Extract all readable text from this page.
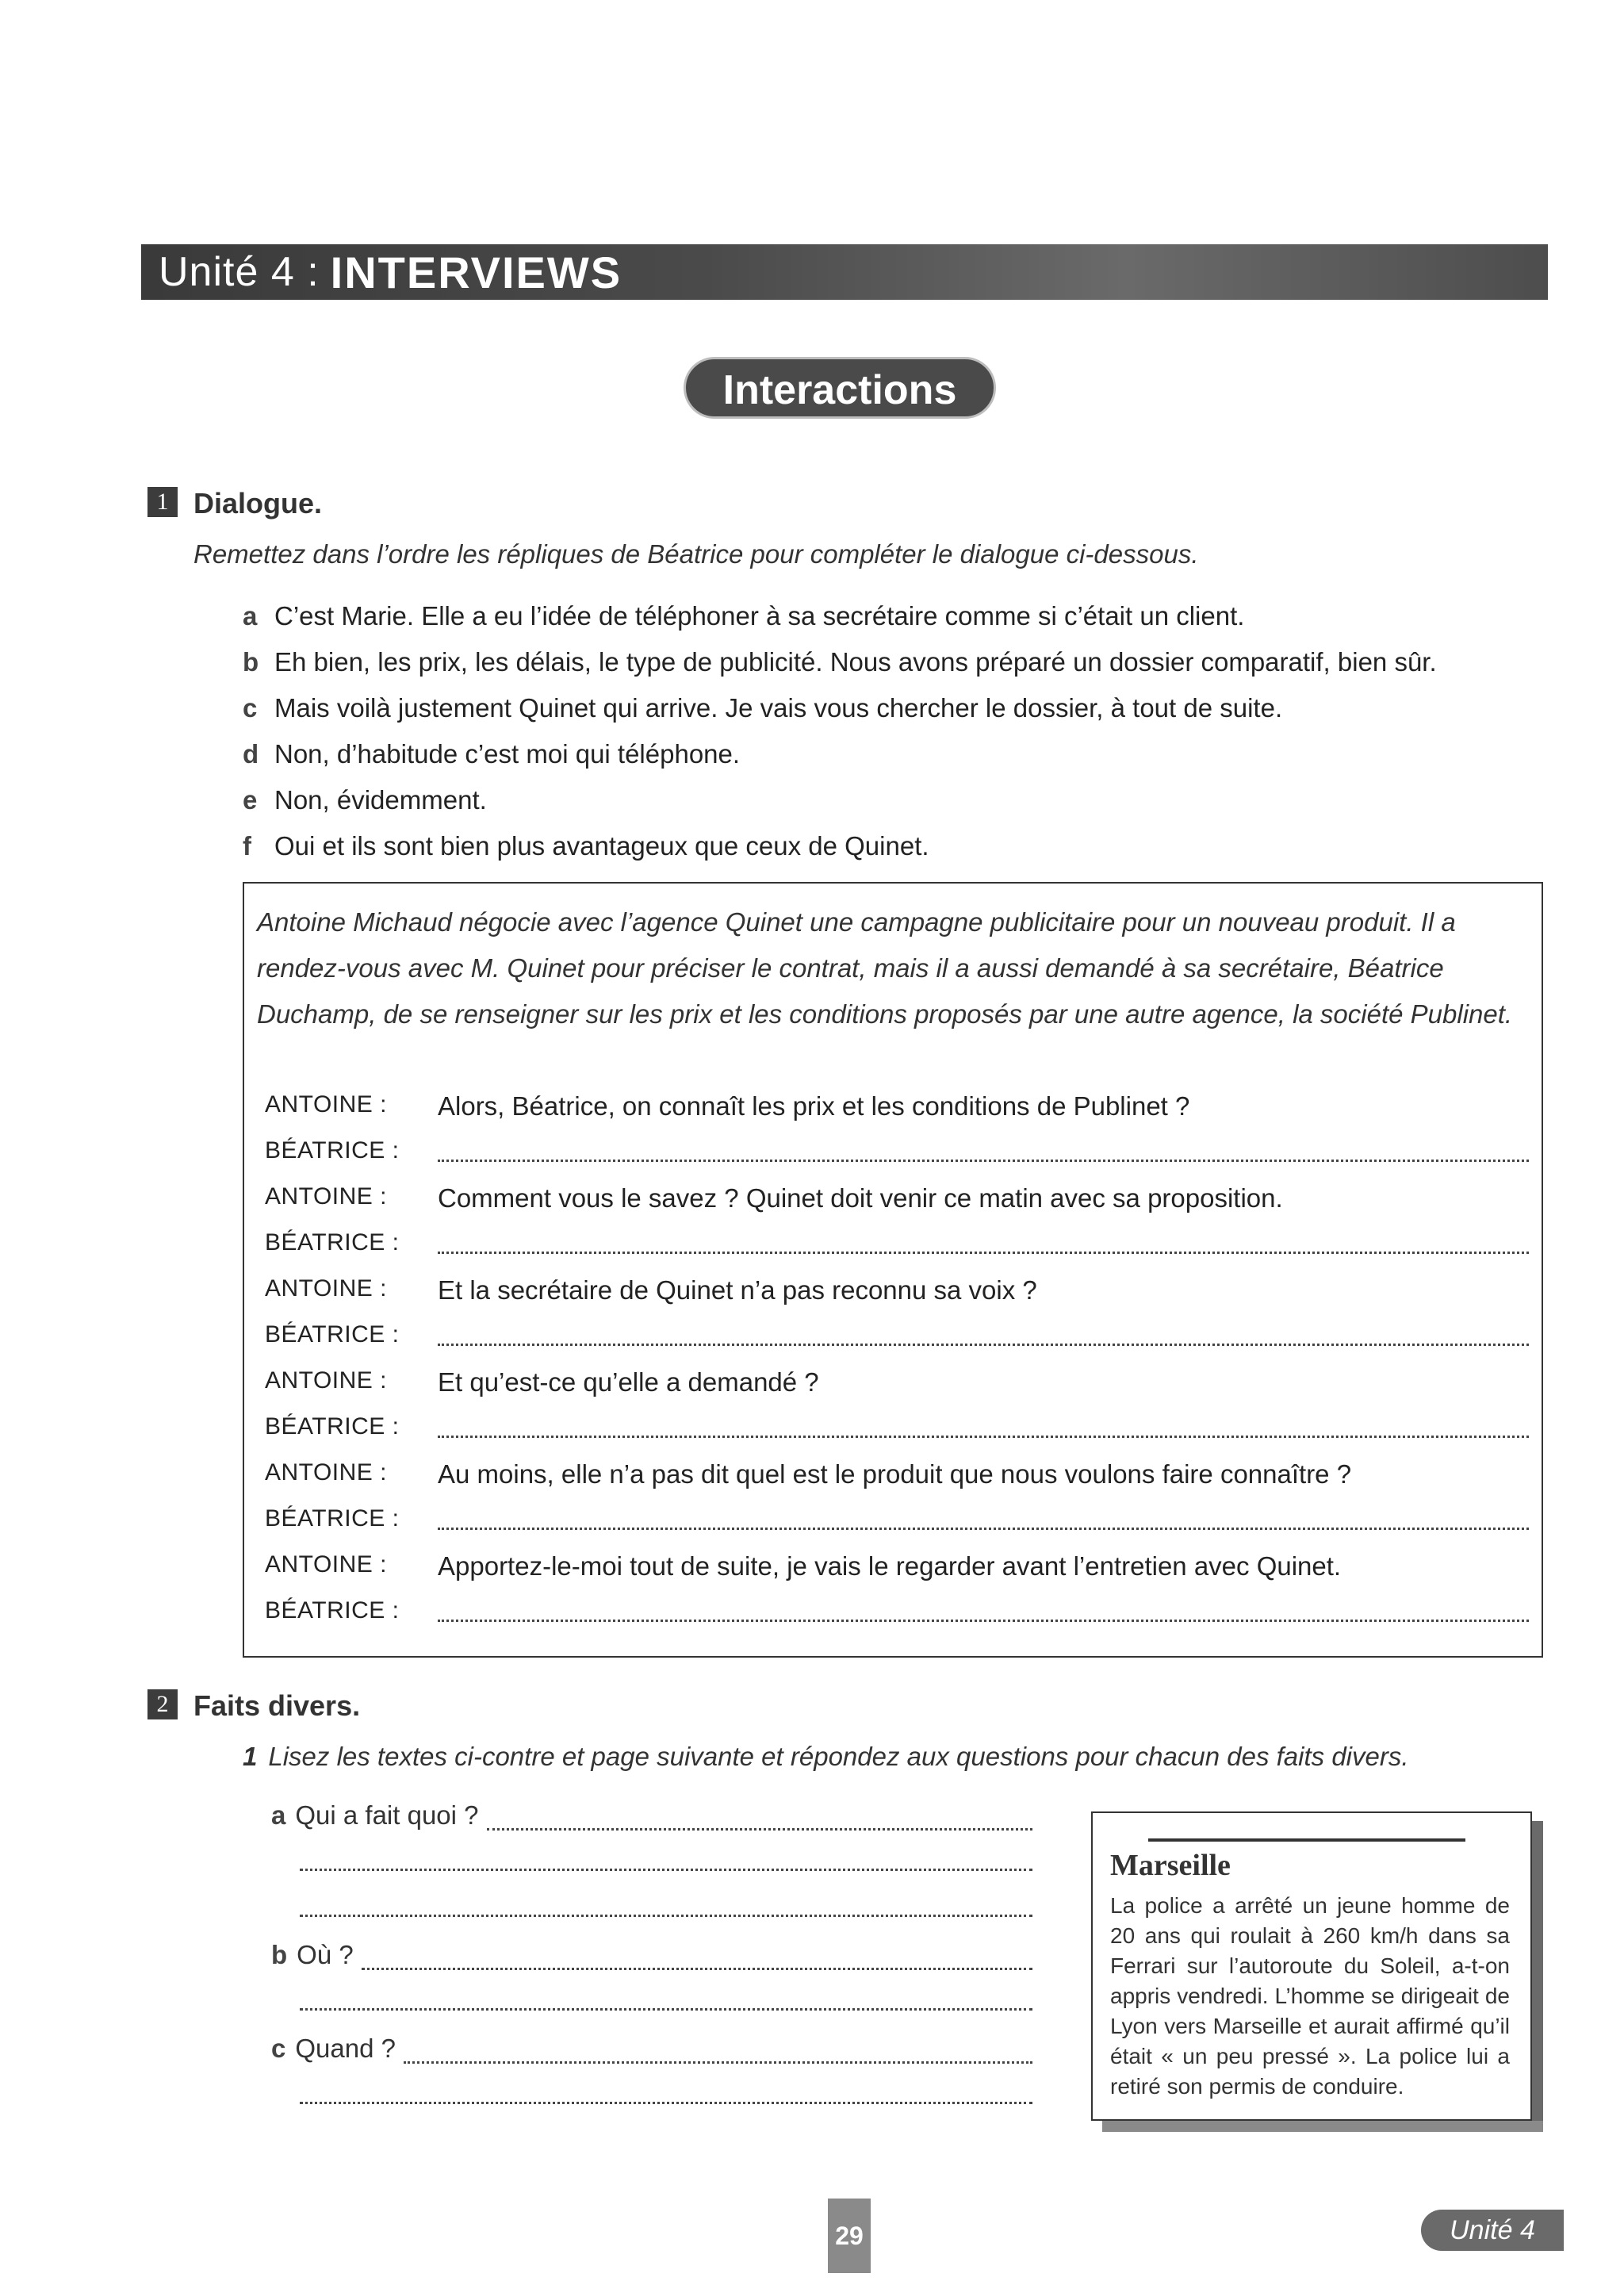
Unité 4 : INTERVIEWS
Interactions
1 Dialogue.
Remettez dans l’ordre les répliques de Béatrice pour compléter le dialogue ci-dessous.
a C’est Marie. Elle a eu l’idée de téléphoner à sa secrétaire comme si c’était un client.
b Eh bien, les prix, les délais, le type de publicité. Nous avons préparé un dossier comparatif, bien sûr.
c Mais voilà justement Quinet qui arrive. Je vais vous chercher le dossier, à tout de suite.
d Non, d’habitude c’est moi qui téléphone.
e Non, évidemment.
f Oui et ils sont bien plus avantageux que ceux de Quinet.
Antoine Michaud négocie avec l’agence Quinet une campagne publicitaire pour un nouveau produit. Il a rendez-vous avec M. Quinet pour préciser le contrat, mais il a aussi demandé à sa secrétaire, Béatrice Duchamp, de se renseigner sur les prix et les conditions proposés par une autre agence, la société Publinet.
ANTOINE :	Alors, Béatrice, on connaît les prix et les conditions de Publinet ?
BÉATRICE :
ANTOINE :	Comment vous le savez ? Quinet doit venir ce matin avec sa proposition.
BÉATRICE :
ANTOINE :	Et la secrétaire de Quinet n’a pas reconnu sa voix ?
BÉATRICE :
ANTOINE :	Et qu’est-ce qu’elle a demandé ?
BÉATRICE :
ANTOINE :	Au moins, elle n’a pas dit quel est le produit que nous voulons faire connaître ?
BÉATRICE :
ANTOINE :	Apportez-le-moi tout de suite, je vais le regarder avant l’entretien avec Quinet.
BÉATRICE :
2 Faits divers.
1 Lisez les textes ci-contre et page suivante et répondez aux questions pour chacun des faits divers.
a Qui a fait quoi ?
b Où ?
c Quand ?
Marseille
La police a arrêté un jeune homme de 20 ans qui roulait à 260 km/h dans sa Ferrari sur l’autoroute du Soleil, a-t-on appris vendredi. L’homme se dirigeait de Lyon vers Marseille et aurait affirmé qu’il était « un peu pressé ». La police lui a retiré son permis de conduire.
29	Unité 4
